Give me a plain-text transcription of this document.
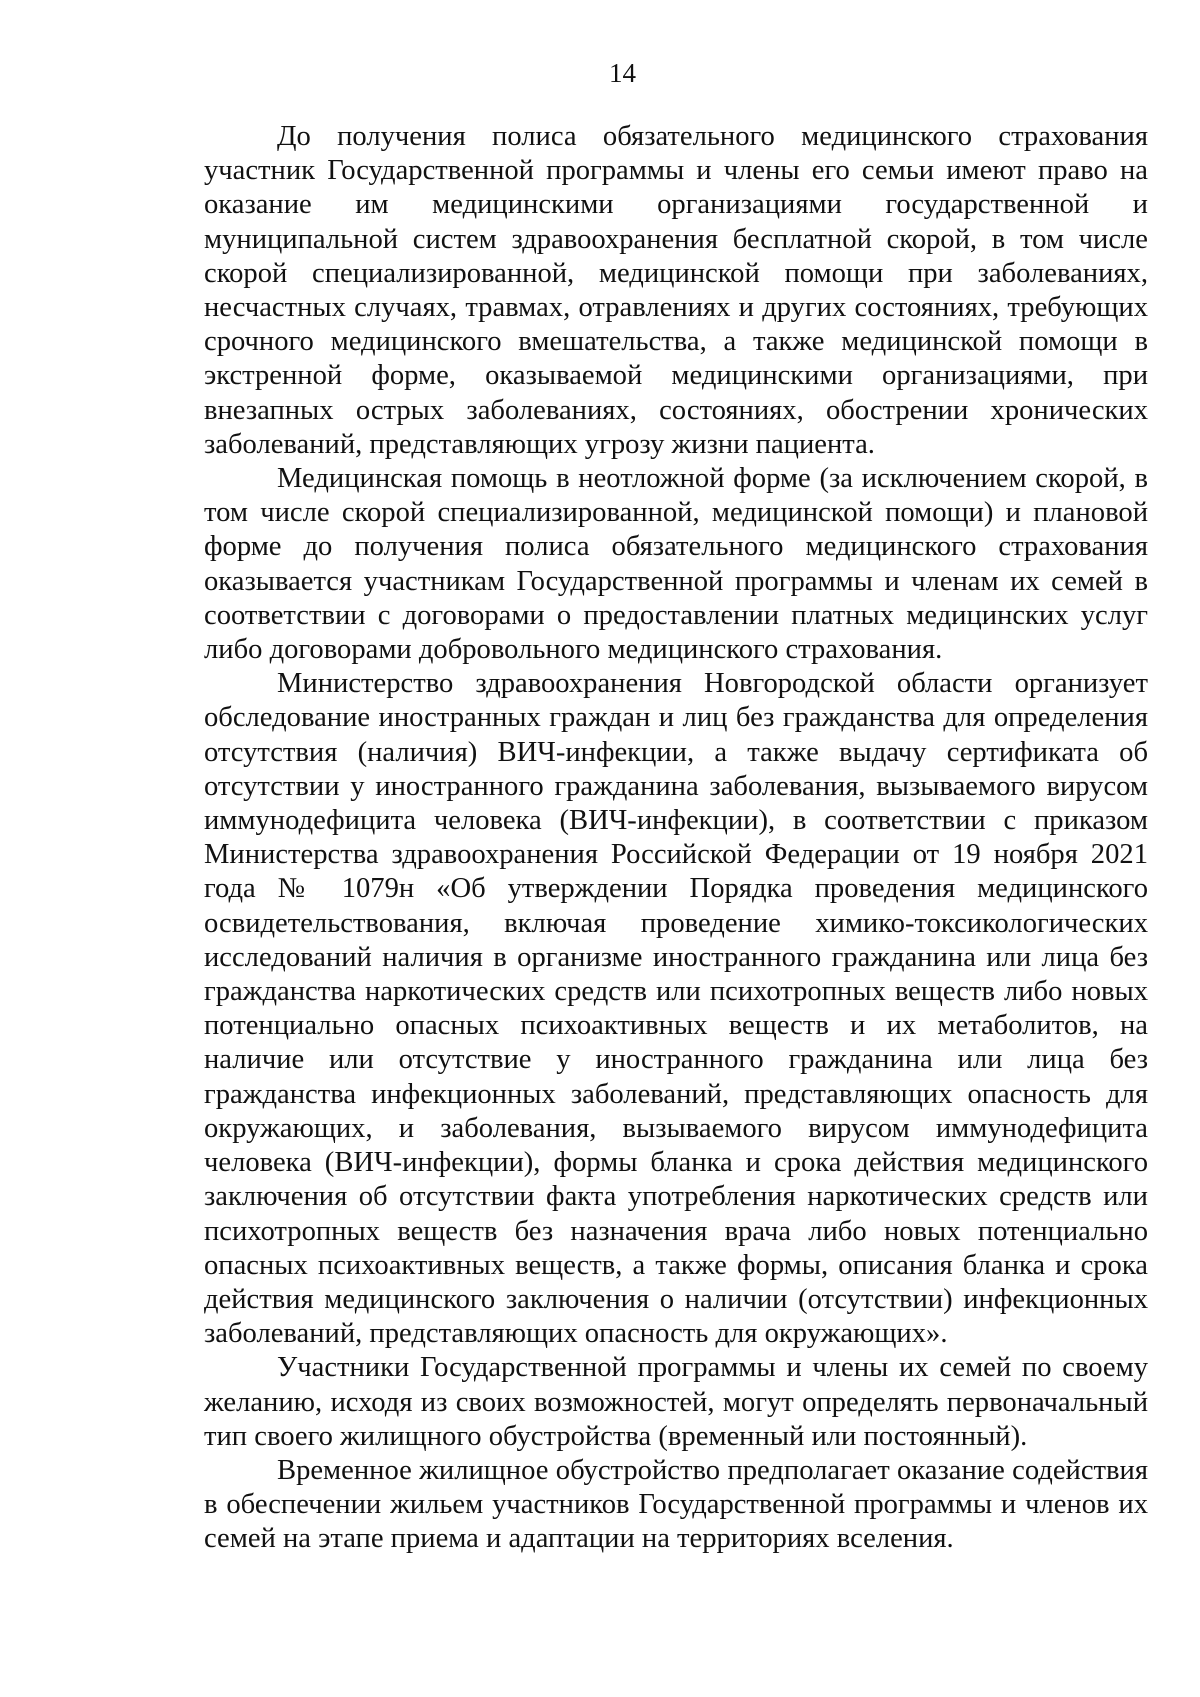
14

До получения полиса обязательного медицинского страхования участник Государственной программы и члены его семьи имеют право на оказание им медицинскими организациями государственной и муниципальной систем здравоохранения бесплатной скорой, в том числе скорой специализированной, медицинской помощи при заболеваниях, несчастных случаях, травмах, отравлениях и других состояниях, требующих срочного медицинского вмешательства, а также медицинской помощи в экстренной форме, оказываемой медицинскими организациями, при внезапных острых заболеваниях, состояниях, обострении хронических заболеваний, представляющих угрозу жизни пациента.

Медицинская помощь в неотложной форме (за исключением скорой, в том числе скорой специализированной, медицинской помощи) и плановой форме до получения полиса обязательного медицинского страхования оказывается участникам Государственной программы и членам их семей в соответствии с договорами о предоставлении платных медицинских услуг либо договорами добровольного медицинского страхования.

Министерство здравоохранения Новгородской области организует обследование иностранных граждан и лиц без гражданства для определения отсутствия (наличия) ВИЧ-инфекции, а также выдачу сертификата об отсутствии у иностранного гражданина заболевания, вызываемого вирусом иммунодефицита человека (ВИЧ-инфекции), в соответствии с приказом Министерства здравоохранения Российской Федерации от 19 ноября 2021 года № 1079н «Об утверждении Порядка проведения медицинского освидетельствования, включая проведение химико-токсикологических исследований наличия в организме иностранного гражданина или лица без гражданства наркотических средств или психотропных веществ либо новых потенциально опасных психоактивных веществ и их метаболитов, на наличие или отсутствие у иностранного гражданина или лица без гражданства инфекционных заболеваний, представляющих опасность для окружающих, и заболевания, вызываемого вирусом иммунодефицита человека (ВИЧ-инфекции), формы бланка и срока действия медицинского заключения об отсутствии факта употребления наркотических средств или психотропных веществ без назначения врача либо новых потенциально опасных психоактивных веществ, а также формы, описания бланка и срока действия медицинского заключения о наличии (отсутствии) инфекционных заболеваний, представляющих опасность для окружающих».

Участники Государственной программы и члены их семей по своему желанию, исходя из своих возможностей, могут определять первоначальный тип своего жилищного обустройства (временный или постоянный).

Временное жилищное обустройство предполагает оказание содействия в обеспечении жильем участников Государственной программы и членов их семей на этапе приема и адаптации на территориях вселения.
